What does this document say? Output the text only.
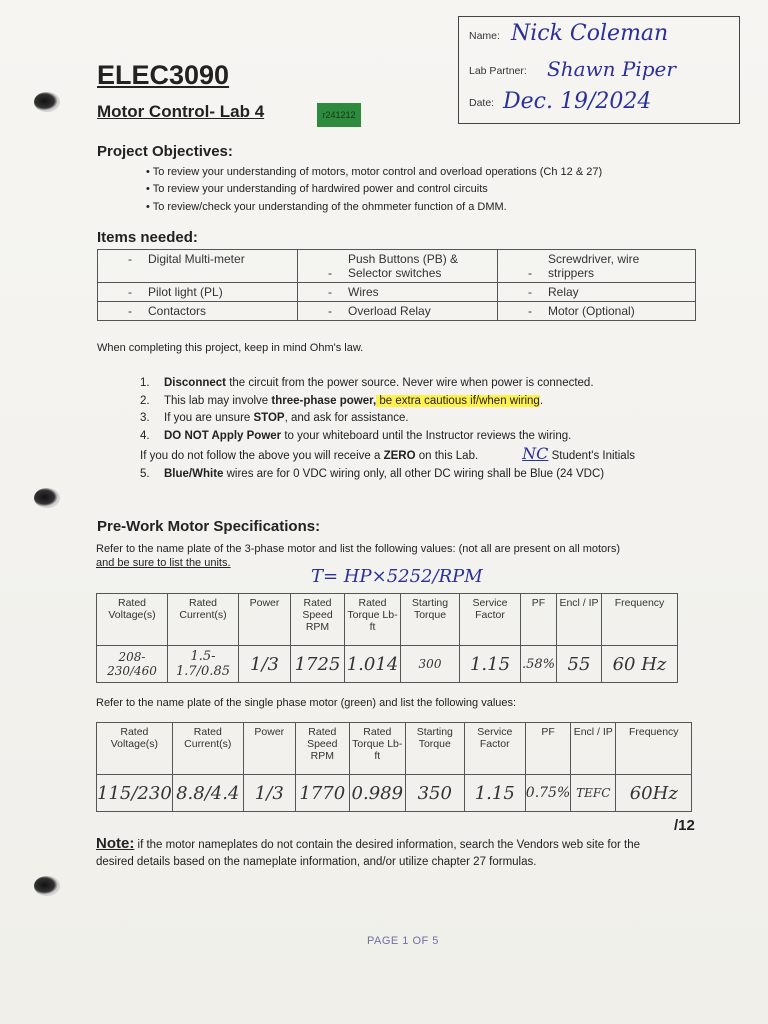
Name: Nick Coleman
Lab Partner: Shawn Piper
Date: Dec. 19/2024
ELEC3090
Motor Control- Lab 4	r241212
Project Objectives:
• To review your understanding of motors, motor control and overload operations (Ch 12 & 27)
• To review your understanding of hardwired power and control circuits
• To review/check your understanding of the ohmmeter function of a DMM.
Items needed:
- Digital Multi-meter	-Push Buttons (PB) & Selector switches	-Screwdriver, wire strippers
- Pilot light (PL)	- Wires	- Relay
- Contactors	- Overload Relay	- Motor (Optional)
When completing this project, keep in mind Ohm's law.
1. Disconnect the circuit from the power source. Never wire when power is connected.
2. This lab may involve three-phase power, be extra cautious if/when wiring.
3. If you are unsure STOP, and ask for assistance.
4. DO NOT Apply Power to your whiteboard until the Instructor reviews the wiring.
If you do not follow the above you will receive a ZERO on this Lab.	NC Student's Initials
5. Blue/White wires are for 0 VDC wiring only, all other DC wiring shall be Blue (24 VDC)
Pre-Work Motor Specifications:
Refer to the name plate of the 3-phase motor and list the following values: (not all are present on all motors)
and be sure to list the units.
T= HP×5252/RPM
Rated Voltage(s)	Rated Current(s)	Power	Rated Speed RPM	Rated Torque Lb-ft	Starting Torque	Service Factor	PF	Encl / IP	Frequency
208-230/460	1.5-1.7/0.85	1/3	1725	1.014	300	1.15	.58%	55	60 Hz
Refer to the name plate of the single phase motor (green) and list the following values:
Rated Voltage(s)	Rated Current(s)	Power	Rated Speed RPM	Rated Torque Lb-ft	Starting Torque	Service Factor	PF	Encl / IP	Frequency
115/230	8.8/4.4	1/3	1770	0.989	350	1.15	0.75%	TEFC	60Hz
/12
Note: if the motor nameplates do not contain the desired information, search the Vendors web site for the
desired details based on the nameplate information, and/or utilize chapter 27 formulas.
PAGE 1 OF 5
